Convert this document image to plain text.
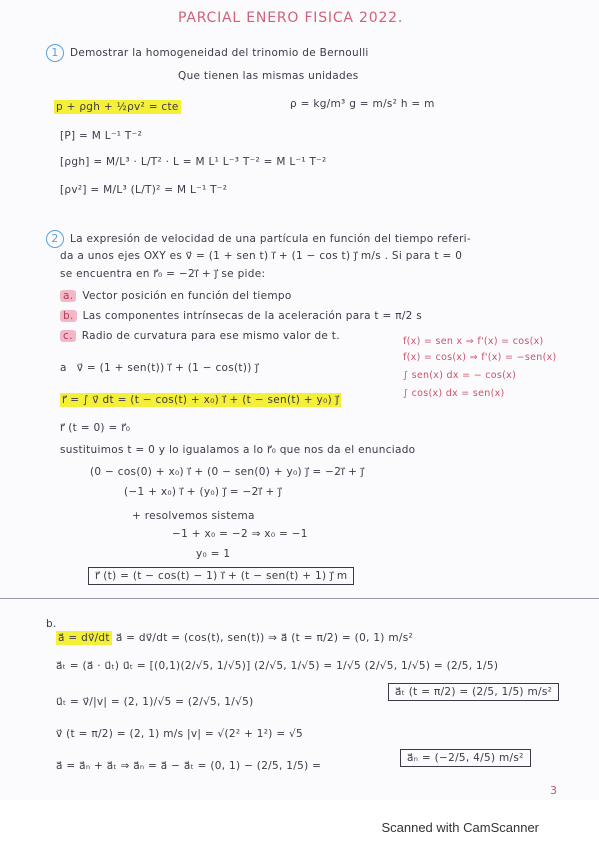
PARCIAL ENERO FISICA 2022.
1 Demostrar la homogeneidad del trinomio de Bernoulli
Que tienen las mismas unidades
p + ρgh + ½ρv² = cte	ρ = kg/m³ g = m/s² h = m
[P] = M L⁻¹ T⁻²
[ρgh] = M/L³ · L/T² · L = M L¹ L⁻³ T⁻² = M L⁻¹ T⁻²
[ρv²] = M/L³ (L/T)² = M L⁻¹ T⁻²
2 La expresión de velocidad de una partícula en función del tiempo referi-
da a unos ejes OXY es v⃗ = (1 + sen t) i⃗ + (1 − cos t) j⃗ m/s . Si para t = 0
se encuentra en r⃗₀ = −2i⃗ + j⃗ se pide:
a. Vector posición en función del tiempo
b. Las componentes intrínsecas de la aceleración para t = π/2 s
c. Radio de curvatura para ese mismo valor de t.	f(x) = sen x ⇒ f'(x) = cos(x)
f(x) = cos(x) ⇒ f'(x) = −sen(x)
∫ sen(x) dx = − cos(x)
∫ cos(x) dx = sen(x)
a v⃗ = (1 + sen(t)) i⃗ + (1 − cos(t)) j⃗
r⃗ = ∫ v⃗ dt = (t − cos(t) + x₀) i⃗ + (t − sen(t) + y₀) j⃗
r⃗ (t = 0) = r⃗₀
sustituimos t = 0 y lo igualamos a lo r⃗₀ que nos da el enunciado
(0 − cos(0) + x₀) i⃗ + (0 − sen(0) + y₀) j⃗ = −2i⃗ + j⃗
(−1 + x₀) i⃗ + (y₀) j⃗ = −2i⃗ + j⃗
+ resolvemos sistema
−1 + x₀ = −2 ⇒ x₀ = −1
y₀ = 1
r⃗ (t) = (t − cos(t) − 1) i⃗ + (t − sen(t) + 1) j⃗ m
b.
a⃗ = dv⃗/dt a⃗ = dv⃗/dt = (cos(t), sen(t)) ⇒ a⃗ (t = π/2) = (0, 1) m/s²
a⃗ₜ = (a⃗ · u⃗ₜ) u⃗ₜ = [(0,1)(2/√5, 1/√5)] (2/√5, 1/√5) = 1/√5 (2/√5, 1/√5) = (2/5, 1/5)
u⃗ₜ = v⃗/|v| = (2, 1)/√5 = (2/√5, 1/√5)
a⃗ₜ (t = π/2) = (2/5, 1/5) m/s²
v⃗ (t = π/2) = (2, 1) m/s |v| = √(2² + 1²) = √5
a⃗ = a⃗ₙ + a⃗ₜ ⇒ a⃗ₙ = a⃗ − a⃗ₜ = (0, 1) − (2/5, 1/5) =
a⃗ₙ = (−2/5, 4/5) m/s²
3
Scanned with CamScanner
